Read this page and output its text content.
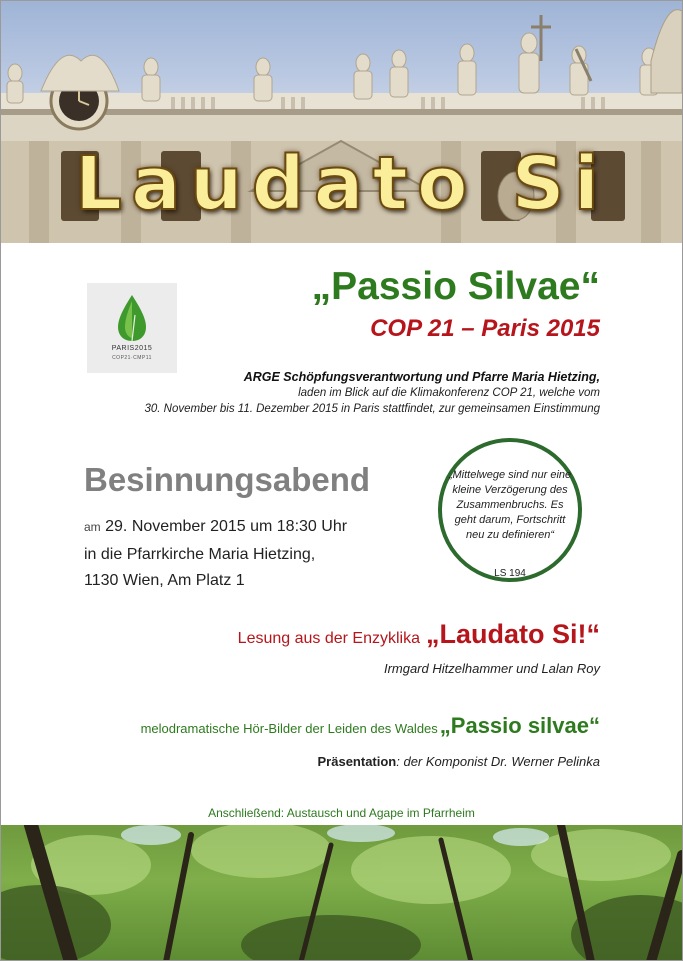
Laudato Si
PARIS2015
COP21·CMP11
„Passio Silvae“
COP 21 – Paris 2015
ARGE Schöpfungsverantwortung und Pfarre Maria Hietzing,
laden im Blick auf die Klimakonferenz COP 21, welche vom
30. November bis 11. Dezember 2015 in Paris stattfindet, zur gemeinsamen Einstimmung
Besinnungsabend
am 29. November 2015 um 18:30 Uhr
in die Pfarrkirche Maria Hietzing,
1130 Wien, Am Platz 1
„Mittelwege sind nur eine kleine Verzögerung des Zusammenbruchs. Es geht darum, Fortschritt neu zu definieren“
LS 194
Lesung aus der Enzyklika „Laudato Si!“
Irmgard Hitzelhammer und Lalan Roy
melodramatische Hör-Bilder der Leiden des Waldes„Passio silvae“
Präsentation: der Komponist Dr. Werner Pelinka
Anschließend: Austausch und Agape im Pfarrheim
